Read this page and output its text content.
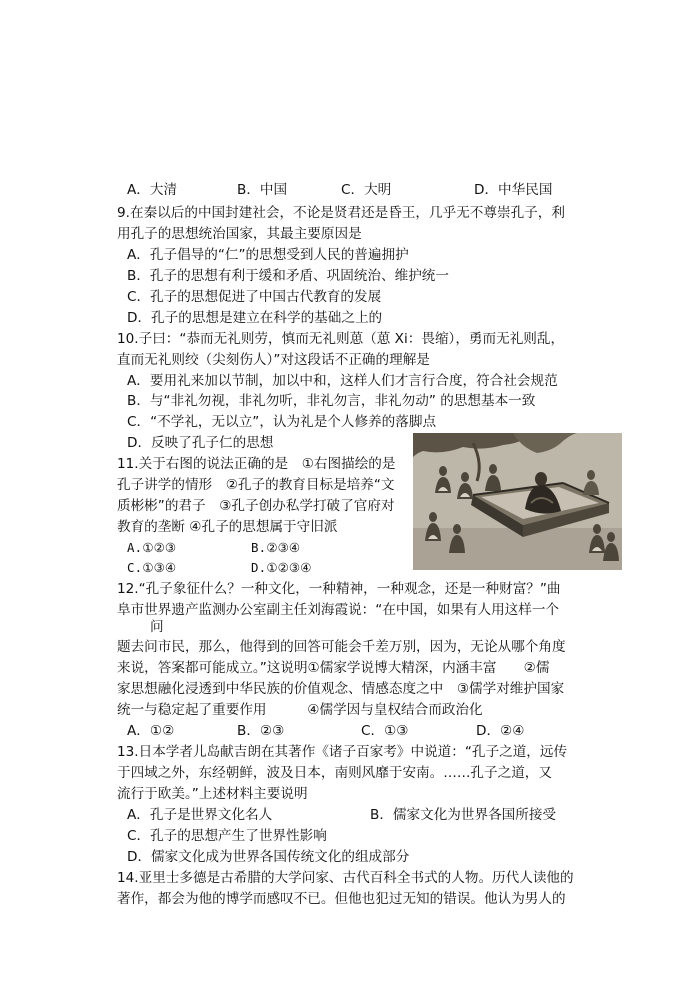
A．大清	B．中国	C．大明	D．中华民国
9.在秦以后的中国封建社会，不论是贤君还是昏王，几乎无不尊崇孔子，利
用孔子的思想统治国家，其最主要原因是
A．孔子倡导的“仁”的思想受到人民的普遍拥护
B．孔子的思想有利于缓和矛盾、巩固统治、维护统一
C．孔子的思想促进了中国古代教育的发展
D．孔子的思想是建立在科学的基础之上的
10.子曰：“恭而无礼则劳，慎而无礼则葸（葸 Xi：畏缩），勇而无礼则乱，
直而无礼则绞（尖刻伤人）”对这段话不正确的理解是
A．要用礼来加以节制，加以中和，这样人们才言行合度，符合社会规范
B．与“非礼勿视，非礼勿听，非礼勿言，非礼勿动” 的思想基本一致
C．“不学礼，无以立”，认为礼是个人修养的落脚点
D．反映了孔子仁的思想
11.关于右图的说法正确的是　①右图描绘的是
孔子讲学的情形　②孔子的教育目标是培养“文
质彬彬”的君子　③孔子创办私学打破了官府对
教育的垄断 ④孔子的思想属于守旧派
A.①②③	B.②③④
C.①③④	D.①②③④
12.“孔子象征什么？一种文化，一种精神，一种观念，还是一种财富？”曲
阜市世界遗产监测办公室副主任刘海霞说：“在中国，如果有人用这样一个
问
题去问市民，那么，他得到的回答可能会千差万别，因为，无论从哪个角度
来说，答案都可能成立。”这说明①儒家学说博大精深，内涵丰富　　②儒
家思想融化浸透到中华民族的价值观念、情感态度之中　③儒学对维护国家
统一与稳定起了重要作用　　　④儒学因与皇权结合而政治化
A．①②	B．②③	C．①③	D．②④
13.日本学者儿岛献吉朗在其著作《诸子百家考》中说道：“孔子之道，远传
于四域之外，东经朝鲜，波及日本，南则风靡于安南。……孔子之道，又
流行于欧美。”上述材料主要说明
A．孔子是世界文化名人	B．儒家文化为世界各国所接受
C．孔子的思想产生了世界性影响
D．儒家文化成为世界各国传统文化的组成部分
14.亚里士多德是古希腊的大学问家、古代百科全书式的人物。历代人读他的
著作，都会为他的博学而感叹不已。但他也犯过无知的错误。他认为男人的
